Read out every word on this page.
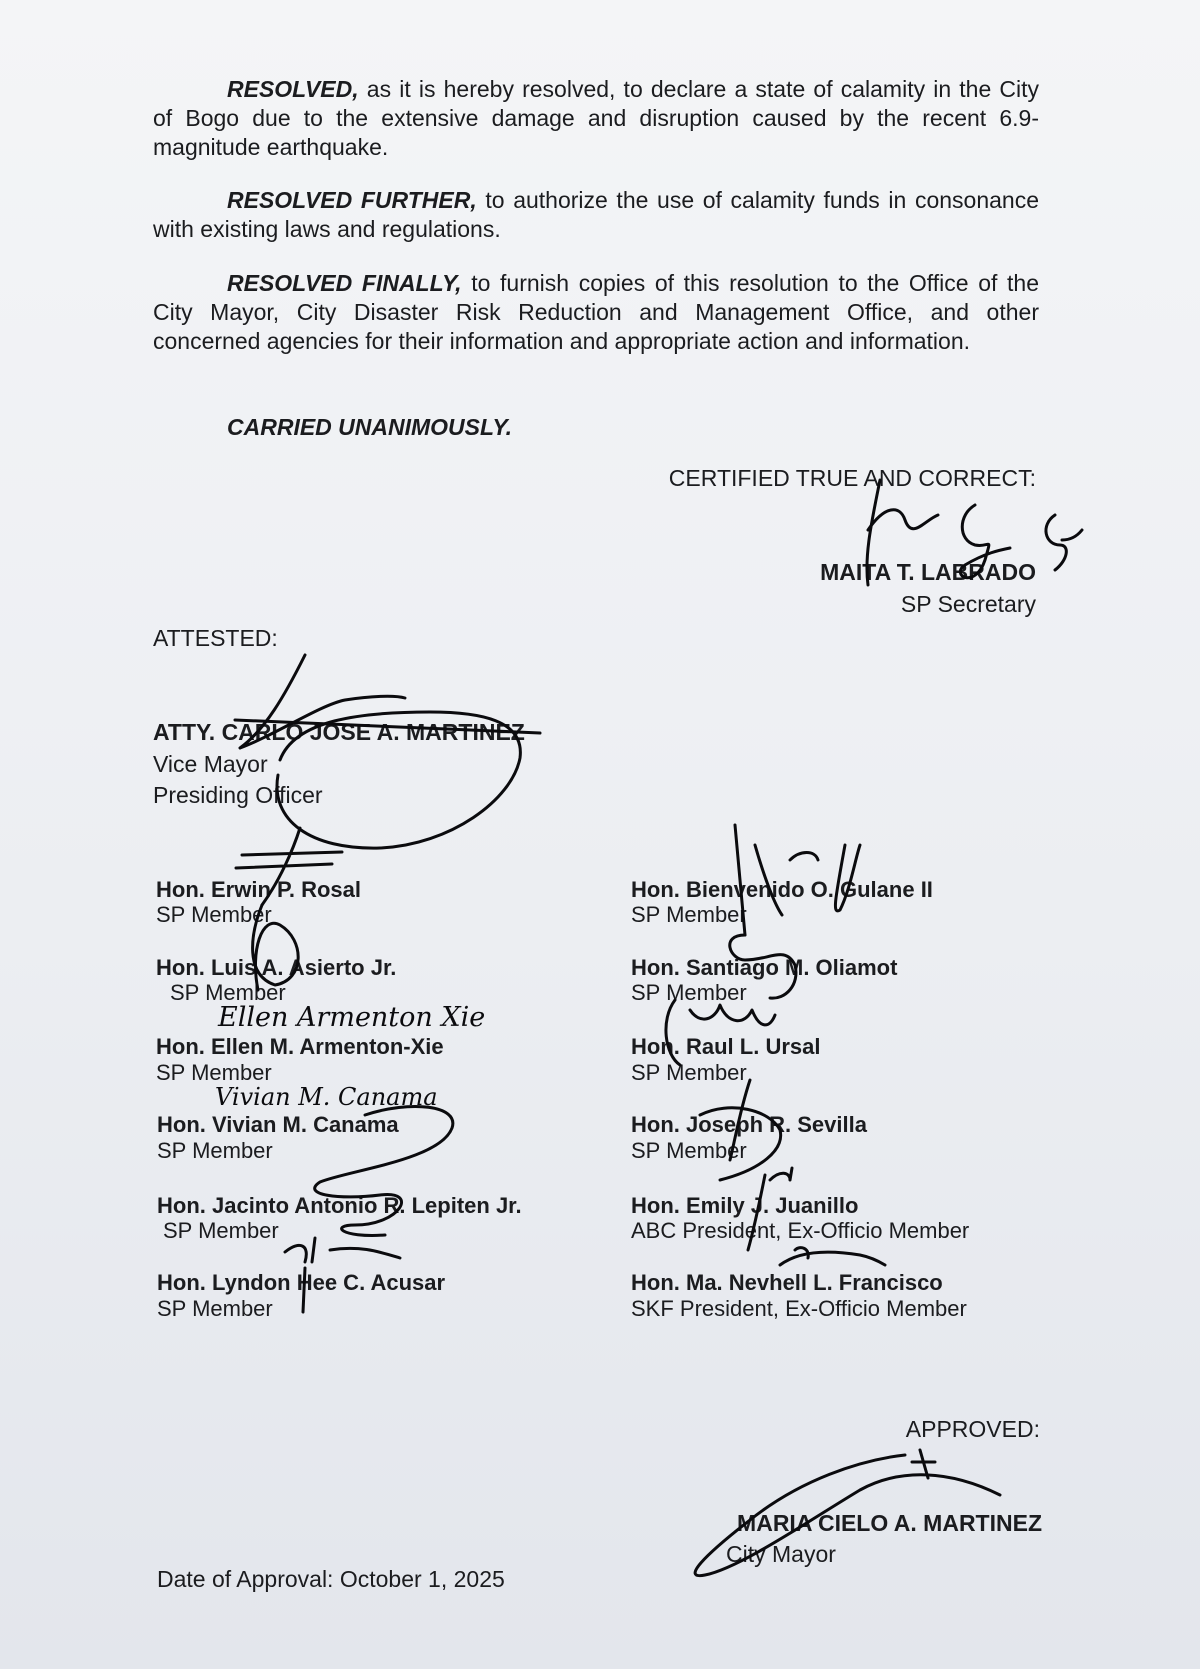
RESOLVED, as it is hereby resolved, to declare a state of calamity in the City of Bogo due to the extensive damage and disruption caused by the recent 6.9-magnitude earthquake.
RESOLVED FURTHER, to authorize the use of calamity funds in consonance with existing laws and regulations.
RESOLVED FINALLY, to furnish copies of this resolution to the Office of the City Mayor, City Disaster Risk Reduction and Management Office, and other concerned agencies for their information and appropriate action and information.
CARRIED UNANIMOUSLY.
CERTIFIED TRUE AND CORRECT:
MAITA T. LABRADO
SP Secretary
ATTESTED:
ATTY. CARLO JOSE A. MARTINEZ
Vice Mayor
Presiding Officer
Hon. Erwin P. Rosal
SP Member
Hon. Luis A. Asierto Jr.
SP Member
Hon. Ellen M. Armenton-Xie
SP Member
Hon. Vivian M. Canama
SP Member
Hon. Jacinto Antonio R. Lepiten Jr.
SP Member
Hon. Lyndon Hee C. Acusar
SP Member
Hon. Bienvenido O. Gulane II
SP Member
Hon. Santiago M. Oliamot
SP Member
Hon. Raul L. Ursal
SP Member
Hon. Joseph R. Sevilla
SP Member
Hon. Emily J. Juanillo
ABC President, Ex-Officio Member
Hon. Ma. Nevhell L. Francisco
SKF President, Ex-Officio Member
APPROVED:
MARIA CIELO A. MARTINEZ
City Mayor
Date of Approval: October 1, 2025
Ellen Armenton Xie
Vivian M. Canama
